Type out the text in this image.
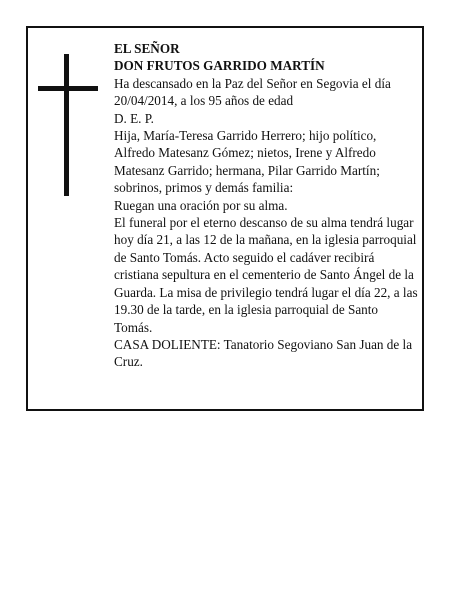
EL SEÑOR

DON FRUTOS GARRIDO MARTÍN

Ha descansado en la Paz del Señor en Segovia el día 20/04/2014, a los 95 años de edad

D. E. P.

Hija, María-Teresa Garrido Herrero; hijo político, Alfredo Matesanz Gómez; nietos, Irene y Alfredo Matesanz Garrido; hermana, Pilar Garrido Martín; sobrinos, primos y demás familia:

Ruegan una oración por su alma.

El funeral por el eterno descanso de su alma tendrá lugar hoy día 21, a las 12 de la mañana, en la iglesia parroquial de Santo Tomás. Acto seguido el cadáver recibirá cristiana sepultura en el cementerio de Santo Ángel de la Guarda. La misa de privilegio tendrá lugar el día 22, a las 19.30 de la tarde, en la iglesia parroquial de Santo Tomás.

CASA DOLIENTE: Tanatorio Segoviano San Juan de la Cruz.
